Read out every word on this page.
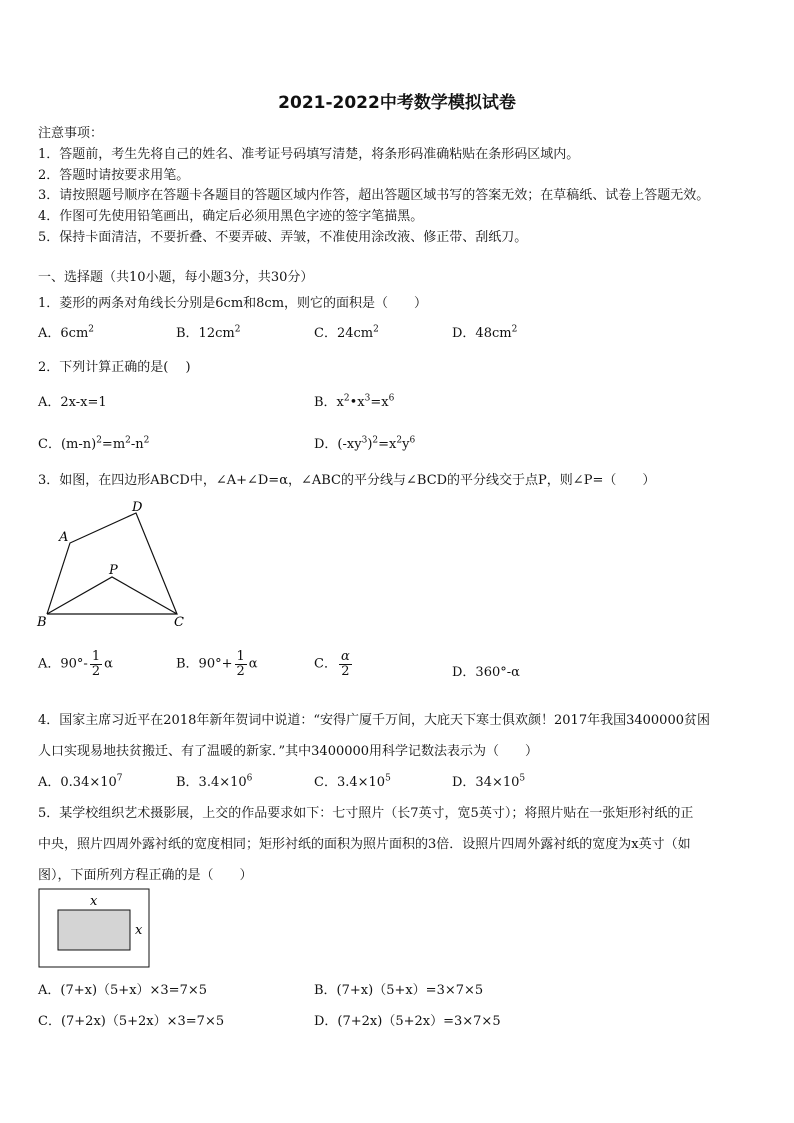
2021-2022中考数学模拟试卷
注意事项：
1．答题前，考生先将自己的姓名、准考证号码填写清楚，将条形码准确粘贴在条形码区域内。
2．答题时请按要求用笔。
3．请按照题号顺序在答题卡各题目的答题区域内作答，超出答题区域书写的答案无效；在草稿纸、试卷上答题无效。
4．作图可先使用铅笔画出，确定后必须用黑色字迹的签字笔描黑。
5．保持卡面清洁，不要折叠、不要弄破、弄皱，不准使用涂改液、修正带、刮纸刀。
一、选择题（共10小题，每小题3分，共30分）
1．菱形的两条对角线长分别是6cm和8cm，则它的面积是（　　）
A．$6cm^2$	B．$12cm^2$	C．$24cm^2$	D．$48cm^2$
2．下列计算正确的是(　 )
A．2x-x=1	B．$x^2•x^3=x^6$
C．$(m-n)^2=m^2-n^2$	D．$(-xy^3)^2=x^2y^6$
3．如图，在四边形ABCD中，∠A+∠D=α，∠ABC的平分线与∠BCD的平分线交于点P，则∠P=（　　）
A
D
P
B	C
A．$90^\circ- \frac{1}{2}$ α	B．$90^\circ+ \frac{1}{2}$ α	C． $\frac{\alpha}{2}$	D．360°-α
4．国家主席习近平在2018年新年贺词中说道：“安得广厦千万间，大庇天下寒士俱欢颜！2017年我国3400000贫困
人口实现易地扶贫搬迁、有了温暖的新家．”其中3400000用科学记数法表示为（　　）
A．$0.34\times 10^7$	B．$3.4\times 10^6$	C．$3.4\times 10^5$	D．$34\times 10^5$
5．某学校组织艺术摄影展，上交的作品要求如下：七寸照片（长7英寸，宽5英寸）；将照片贴在一张矩形衬纸的正
中央，照片四周外露衬纸的宽度相同；矩形衬纸的面积为照片面积的3倍．设照片四周外露衬纸的宽度为x英寸（如
图），下面所列方程正确的是（　　）
x
x
A．(7+x)（5+x）×3=7×5	B．(7+x)（5+x）=3×7×5
C．(7+2x)（5+2x）×3=7×5	D．(7+2x)（5+2x）=3×7×5
